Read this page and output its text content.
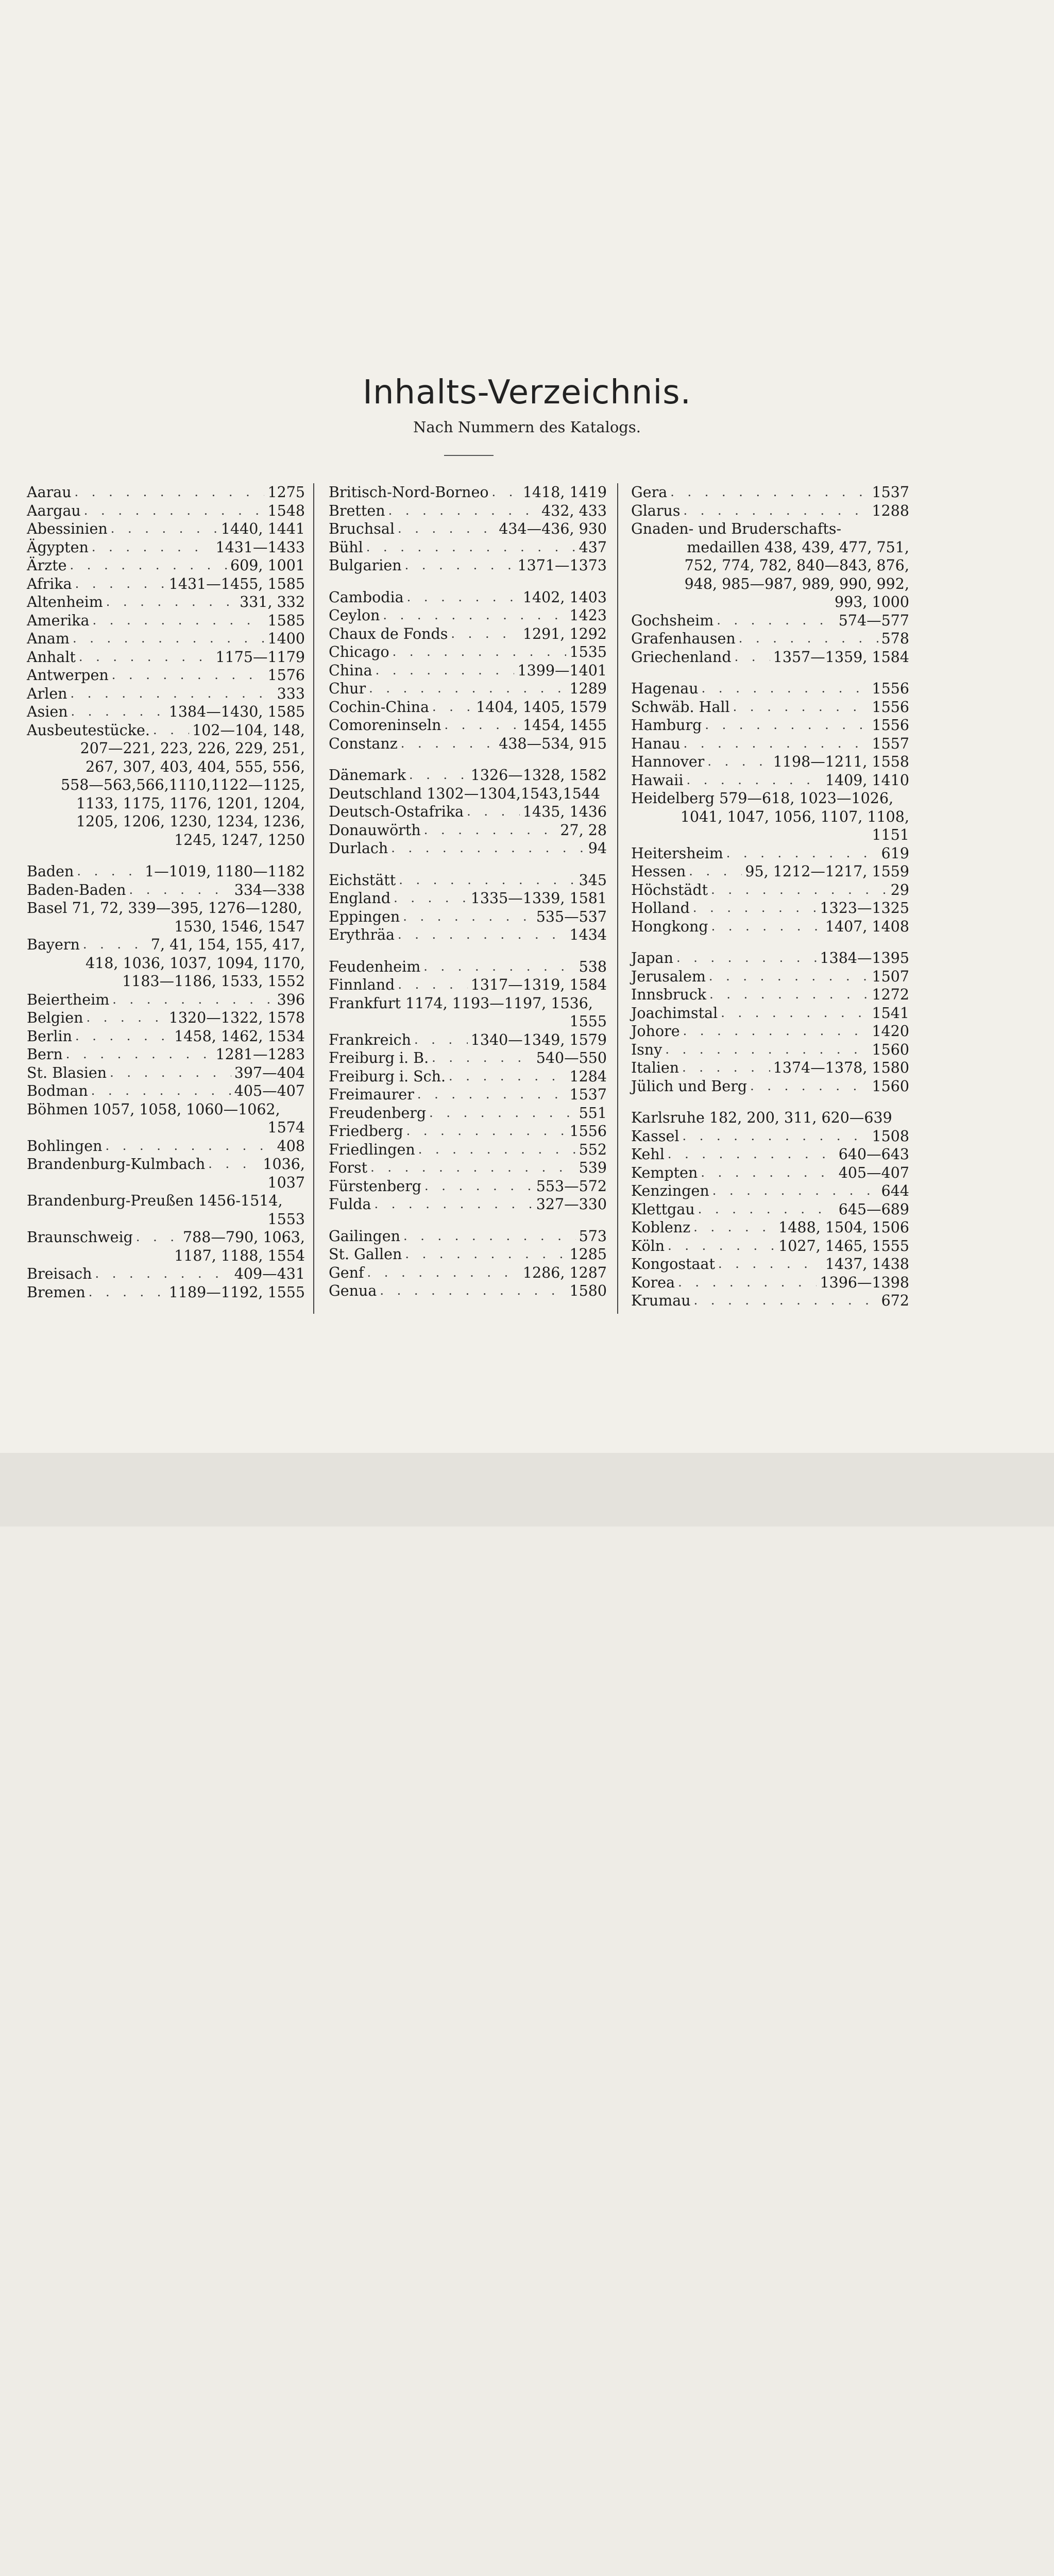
Inhalts-Verzeichnis.
Nach Nummern des Katalogs.
Aarau . . .	1275
Aargau . . .	1548
Abessinien . . .	1440, 1441
Ägypten . . .	1431—1433
Ärzte . . .	609, 1001
Afrika . . .	1431—1455, 1585
Altenheim . . .	331, 332
Amerika . . .	1585
Anam . . .	1400
Anhalt . . .	1175—1179
Antwerpen . . .	1576
Arlen . . .	333
Asien . . .	1384—1430, 1585
Ausbeutestücke. . . .	102—104, 148,
207—221, 223, 226, 229, 251,
267, 307, 403, 404, 555, 556,
558—563,566,1110,1122—1125,
1133, 1175, 1176, 1201, 1204,
1205, 1206, 1230, 1234, 1236,
1245, 1247, 1250
Baden . . .	1—1019, 1180—1182
Baden-Baden . . .	334—338
Basel 71, 72, 339—395, 1276—1280,
1530, 1546, 1547
Bayern . . .	7, 41, 154, 155, 417,
418, 1036, 1037, 1094, 1170,
1183—1186, 1533, 1552
Beiertheim . . .	396
Belgien . . .	1320—1322, 1578
Berlin . . .	1458, 1462, 1534
Bern . . .	1281—1283
St. Blasien . . .	397—404
Bodman . . .	405—407
Böhmen 1057, 1058, 1060—1062,
1574
Bohlingen . . .	408
Brandenburg-Kulmbach . . .	1036,
1037
Brandenburg-Preußen 1456-1514,
1553
Braunschweig . . .	788—790, 1063,
1187, 1188, 1554
Breisach . . .	409—431
Bremen . . .	1189—1192, 1555
Britisch-Nord-Borneo . . . 1418, 1419
Bretten . . .	432, 433
Bruchsal . . .	434—436, 930
Bühl . . .	437
Bulgarien . . .	1371—1373
Cambodia . . .	1402, 1403
Ceylon . . .	1423
Chaux de Fonds . . .	1291, 1292
Chicago . . .	1535
China . . .	1399—1401
Chur . . .	1289
Cochin-China . . .	1404, 1405, 1579
Comoreninseln . . .	1454, 1455
Constanz . . .	438—534, 915
Dänemark . . .	1326—1328, 1582
Deutschland 1302—1304,1543,1544
Deutsch-Ostafrika . . .	1435, 1436
Donauwörth . . .	27, 28
Durlach . . .	94
Eichstätt . . .	345
England . . .	1335—1339, 1581
Eppingen . . .	535—537
Erythräa . . .	1434
Feudenheim . . .	538
Finnland . . .	1317—1319, 1584
Frankfurt 1174, 1193—1197, 1536,
1555
Frankreich . . .	1340—1349, 1579
Freiburg i. B. . . .	540—550
Freiburg i. Sch. . . .	1284
Freimaurer . . .	1537
Freudenberg . . .	551
Friedberg . . .	1556
Friedlingen . . .	552
Forst . . .	539
Fürstenberg . . .	553—572
Fulda . . .	327—330
Gailingen . . .	573
St. Gallen . . .	1285
Genf . . .	1286, 1287
Genua . . .	1580
Gera . . .	1537
Glarus . . .	1288
Gnaden- und Bruderschafts-
medaillen 438, 439, 477, 751,
752, 774, 782, 840—843, 876,
948, 985—987, 989, 990, 992,
993, 1000
Gochsheim . . .	574—577
Grafenhausen . . .	578
Griechenland . . .	1357—1359, 1584
Hagenau . . .	1556
Schwäb. Hall . . .	1556
Hamburg . . .	1556
Hanau . . .	1557
Hannover . . .	1198—1211, 1558
Hawaii . . .	1409, 1410
Heidelberg 579—618, 1023—1026,
1041, 1047, 1056, 1107, 1108,
1151
Heitersheim . . .	619
Hessen . . .	95, 1212—1217, 1559
Höchstädt . . .	29
Holland . . .	1323—1325
Hongkong . . .	1407, 1408
Japan . . .	1384—1395
Jerusalem . . .	1507
Innsbruck . . .	1272
Joachimstal . . .	1541
Johore . . .	1420
Isny . . .	1560
Italien . . .	1374—1378, 1580
Jülich und Berg . . .	1560
Karlsruhe 182, 200, 311, 620—639
Kassel . . .	1508
Kehl . . .	640—643
Kempten . . .	405—407
Kenzingen . . .	644
Klettgau . . .	645—689
Koblenz . . .	1488, 1504, 1506
Köln . . .	1027, 1465, 1555
Kongostaat . . .	1437, 1438
Korea . . .	1396—1398
Krumau . . .	672
